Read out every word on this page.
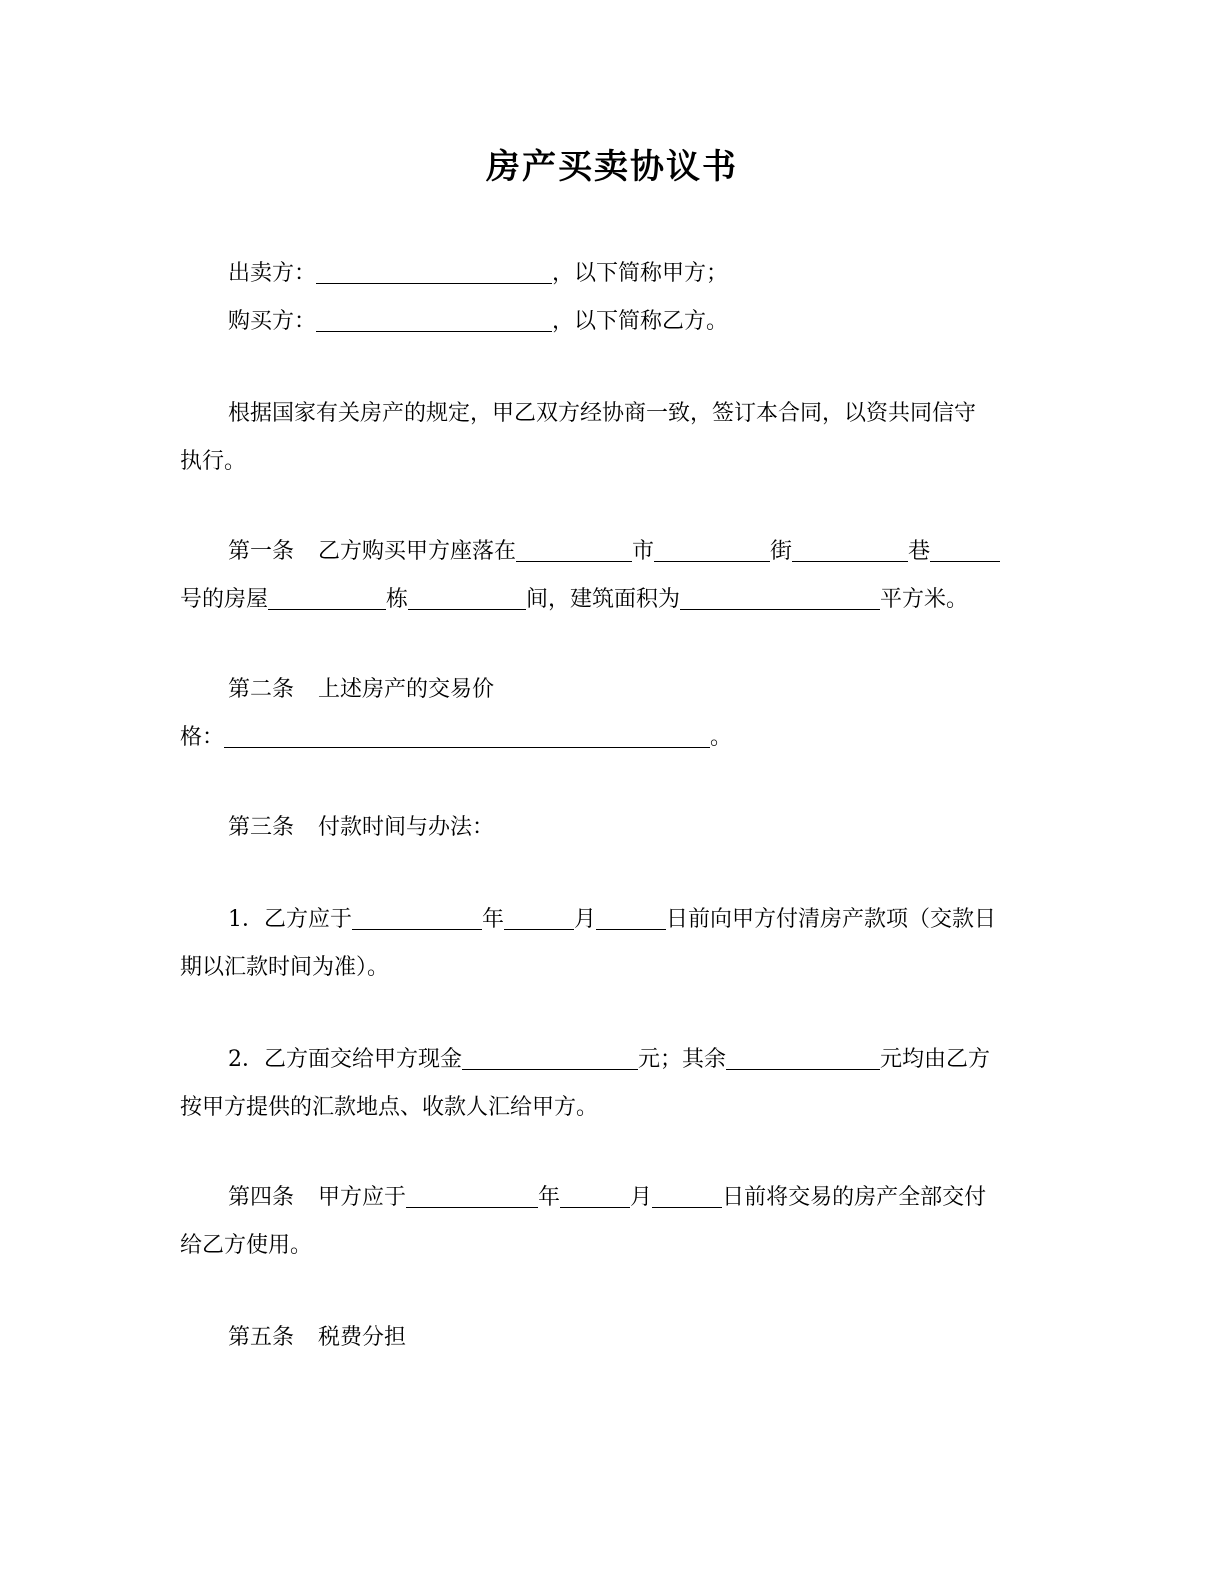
房产买卖协议书
出卖方：	，以下简称甲方；
购买方：	，以下简称乙方。
根据国家有关房产的规定，甲乙双方经协商一致，签订本合同，以资共同信守
执行。
第一条 乙方购买甲方座落在	市	街	巷
号的房屋	栋	间，建筑面积为	平方米。
第二条 上述房产的交易价
格：	。
第三条 付款时间与办法：
1．乙方应于	年	月	日前向甲方付清房产款项（交款日
期以汇款时间为准）。
2．乙方面交给甲方现金	元；其余	元均由乙方
按甲方提供的汇款地点、收款人汇给甲方。
第四条 甲方应于	年	月	日前将交易的房产全部交付
给乙方使用。
第五条 税费分担
